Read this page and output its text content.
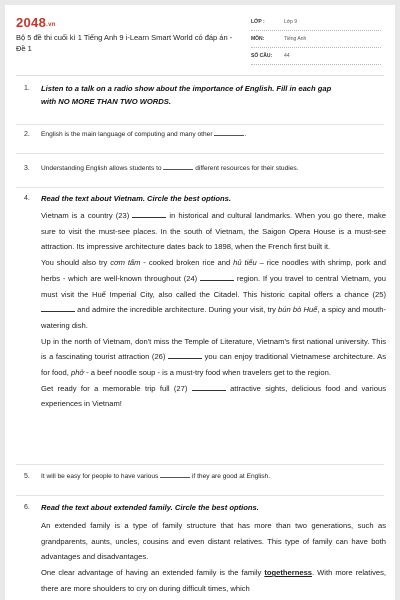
2048.vn
Bộ 5 đề thi cuối kì 1 Tiếng Anh 9 i-Learn Smart World có đáp án - Đề 1
LỚP :	Lớp 9
MÔN:	Tiếng Anh
SỐ CÂU: 44
1. Listen to a talk on a radio show about the importance of English. Fill in each gap with NO MORE THAN TWO WORDS.
2. English is the main language of computing and many other	.
3. Understanding English allows students to	different resources for their studies.
4. Read the text about Vietnam. Circle the best options.

Vietnam is a country (23)	in historical and cultural landmarks. When you go there, make sure to visit the must-see places. In the south of Vietnam, the Saigon Opera House is a must-see attraction. Its impressive architecture dates back to 1898, when the French first built it.

You should also try cơm tấm - cooked broken rice and hủ tiếu – rice noodles with shrimp, pork and herbs - which are well-known throughout (24)	region. If you travel to central Vietnam, you must visit the Huế Imperial City, also called the Citadel. This historic capital offers a chance (25)  and admire the incredible architecture. During your visit, try bún bò Huế, a spicy and mouth-watering dish.

Up in the north of Vietnam, don't miss the Temple of Literature, Vietnam's first national university. This is a fascinating tourist attraction (26)	you can enjoy traditional Vietnamese architecture. As for food, phở - a beef noodle soup - is a must-try food when travelers get to the region.

Get ready for a memorable trip full (27)	attractive sights, delicious food and various experiences in Vietnam!

5. It will be easy for people to have various	if they are good at English.
6. Read the text about extended family. Circle the best options.

An extended family is a type of family structure that has more than two generations, such as grandparents, aunts, uncles, cousins and even distant relatives. This type of family can have both advantages and disadvantages.

One clear advantage of having an extended family is the family togetherness. With more relatives, there are more shoulders to cry on during difficult times, which
